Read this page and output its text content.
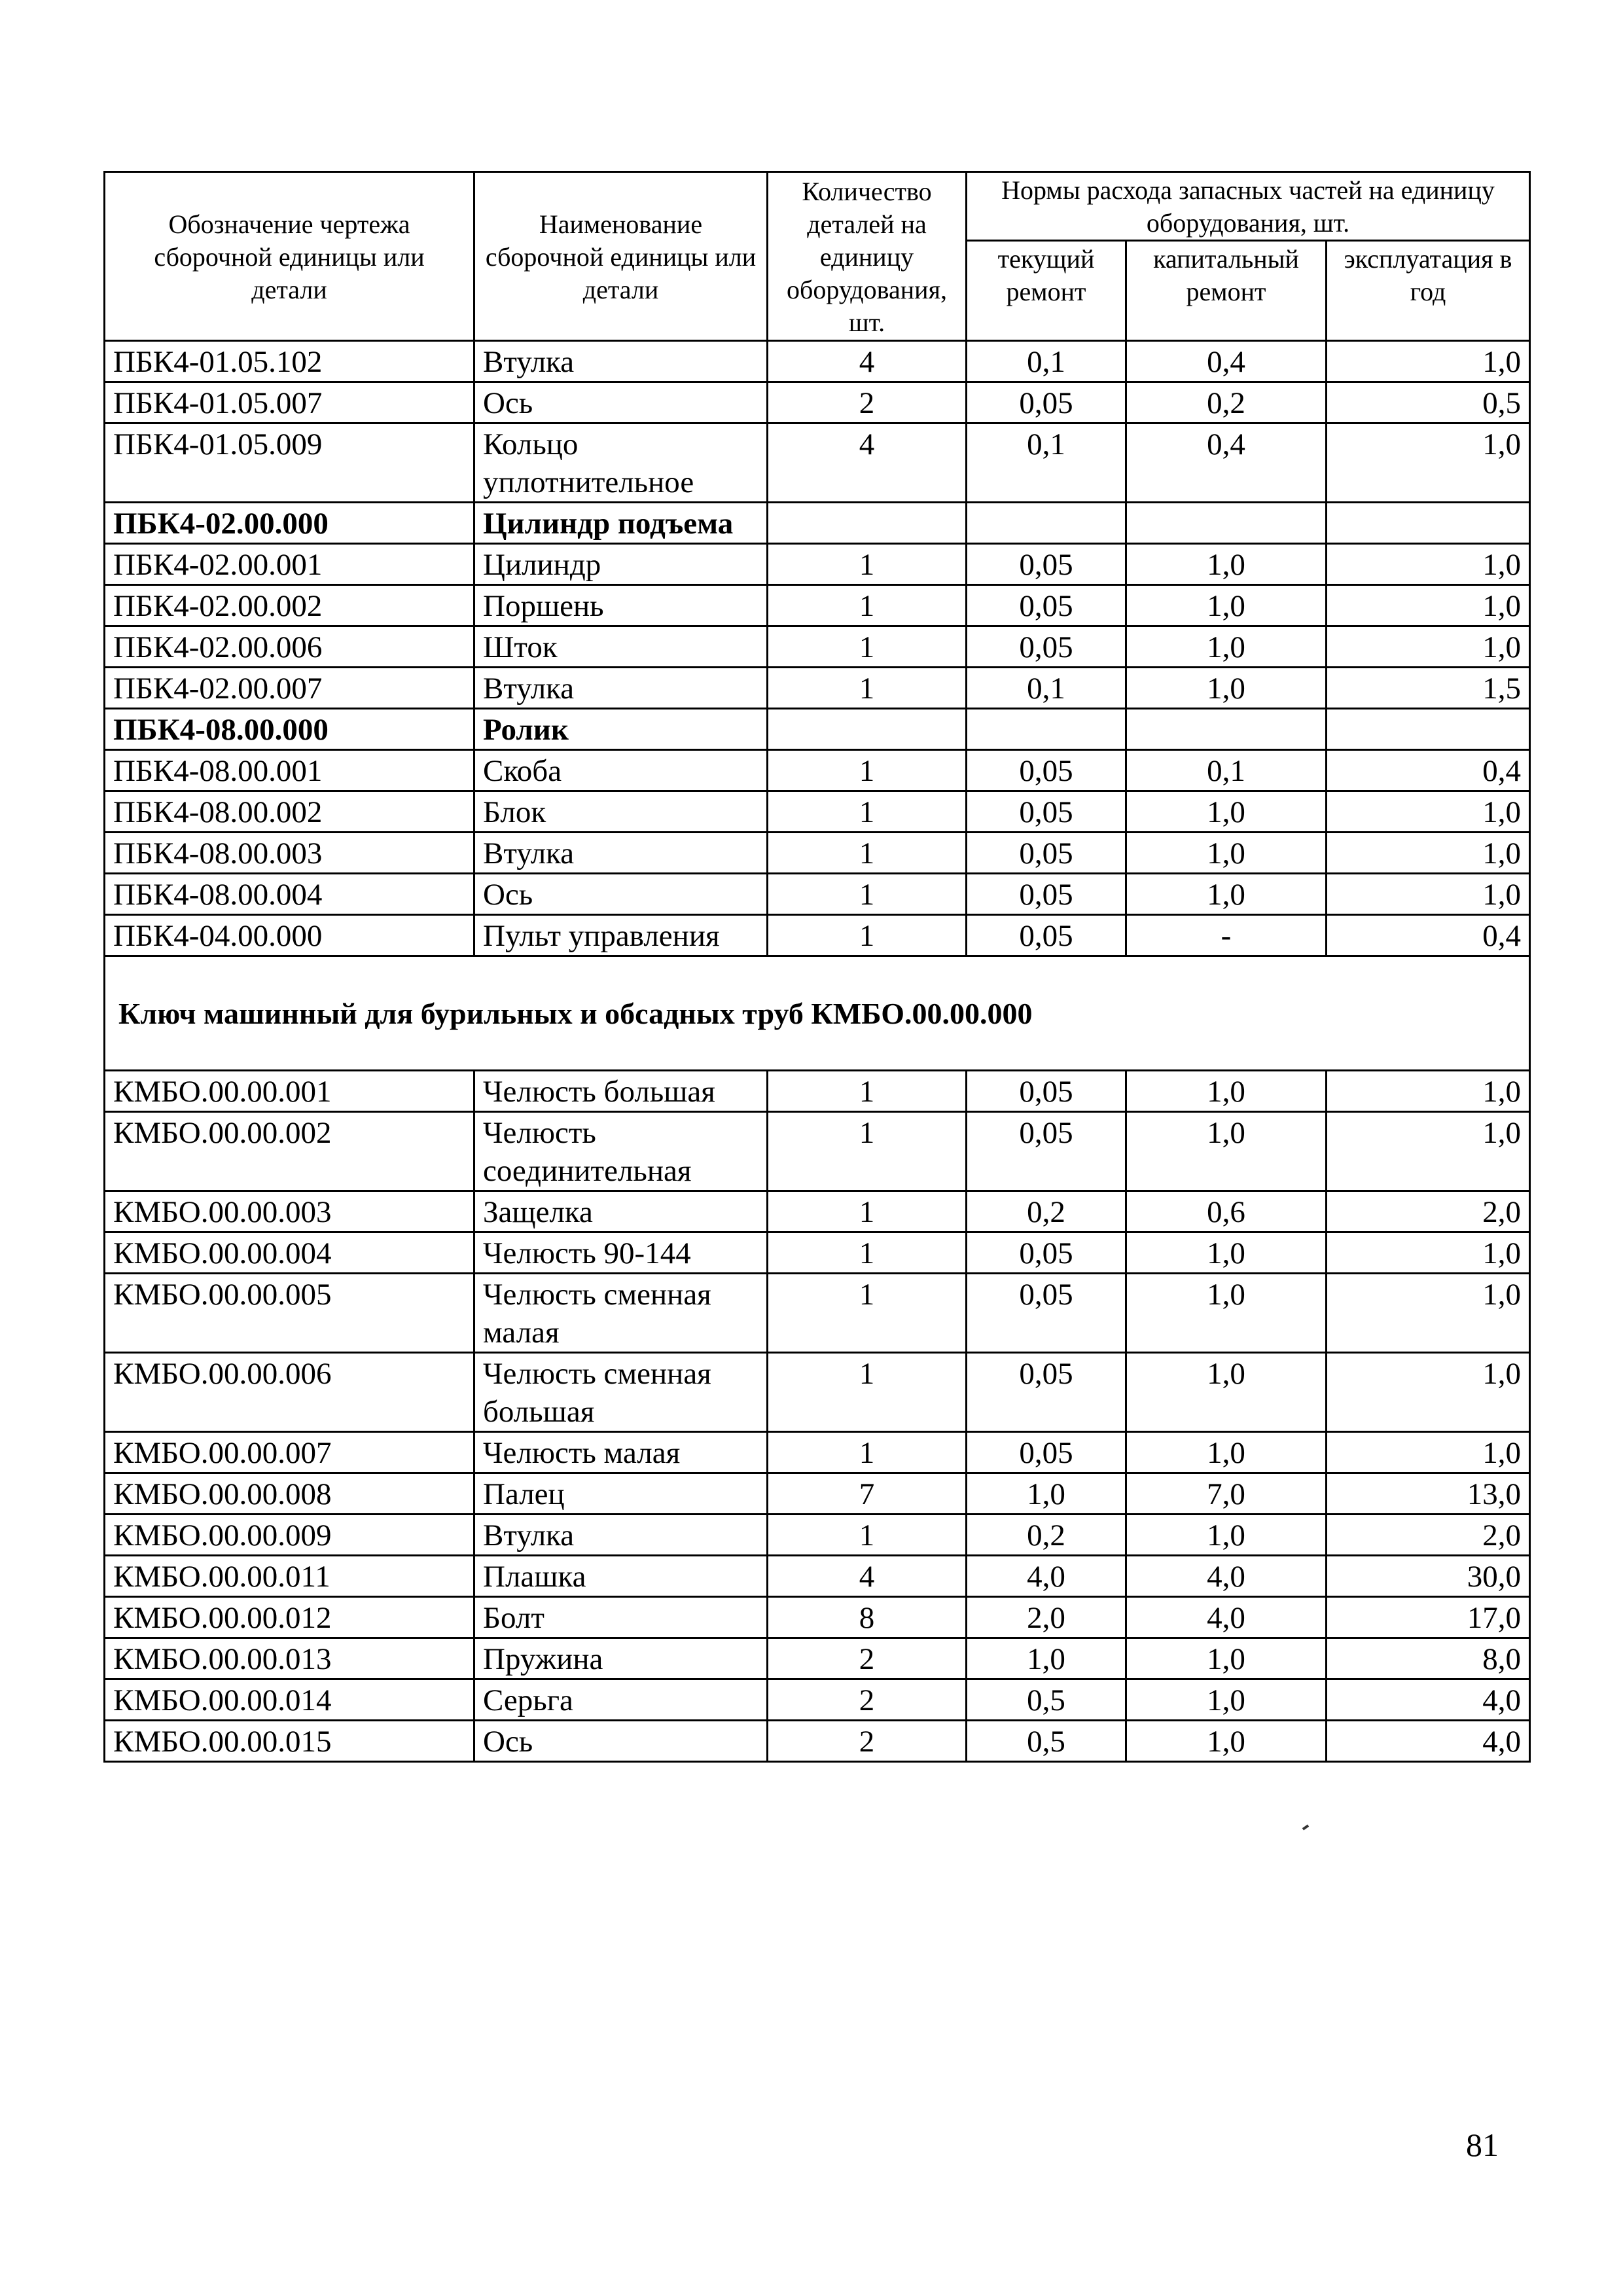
Обозначение чертежа сборочной единицы или детали	Наименование сборочной единицы или детали	Количество деталей на единицу оборудования, шт.	Нормы расхода запасных частей на единицу оборудования, шт.		
			текущий ремонт	капитальный ремонт	эксплуатация в год
ПБК4-01.05.102	Втулка	4	0,1	0,4	1,0
ПБК4-01.05.007	Ось	2	0,05	0,2	0,5
ПБК4-01.05.009	Кольцо уплотнительное	4	0,1	0,4	1,0
ПБК4-02.00.000	Цилиндр подъема				
ПБК4-02.00.001	Цилиндр	1	0,05	1,0	1,0
ПБК4-02.00.002	Поршень	1	0,05	1,0	1,0
ПБК4-02.00.006	Шток	1	0,05	1,0	1,0
ПБК4-02.00.007	Втулка	1	0,1	1,0	1,5
ПБК4-08.00.000	Ролик				
ПБК4-08.00.001	Скоба	1	0,05	0,1	0,4
ПБК4-08.00.002	Блок	1	0,05	1,0	1,0
ПБК4-08.00.003	Втулка	1	0,05	1,0	1,0
ПБК4-08.00.004	Ось	1	0,05	1,0	1,0
ПБК4-04.00.000	Пульт управления	1	0,05	-	0,4
Ключ машинный для бурильных и обсадных труб КМБО.00.00.000					
КМБО.00.00.001	Челюсть большая	1	0,05	1,0	1,0
КМБО.00.00.002	Челюсть соединительная	1	0,05	1,0	1,0
КМБО.00.00.003	Защелка	1	0,2	0,6	2,0
КМБО.00.00.004	Челюсть 90-144	1	0,05	1,0	1,0
КМБО.00.00.005	Челюсть сменная малая	1	0,05	1,0	1,0
КМБО.00.00.006	Челюсть сменная большая	1	0,05	1,0	1,0
КМБО.00.00.007	Челюсть малая	1	0,05	1,0	1,0
КМБО.00.00.008	Палец	7	1,0	7,0	13,0
КМБО.00.00.009	Втулка	1	0,2	1,0	2,0
КМБО.00.00.011	Плашка	4	4,0	4,0	30,0
КМБО.00.00.012	Болт	8	2,0	4,0	17,0
КМБО.00.00.013	Пружина	2	1,0	1,0	8,0
КМБО.00.00.014	Серьга	2	0,5	1,0	4,0
КМБО.00.00.015	Ось	2	0,5	1,0	4,0
81
